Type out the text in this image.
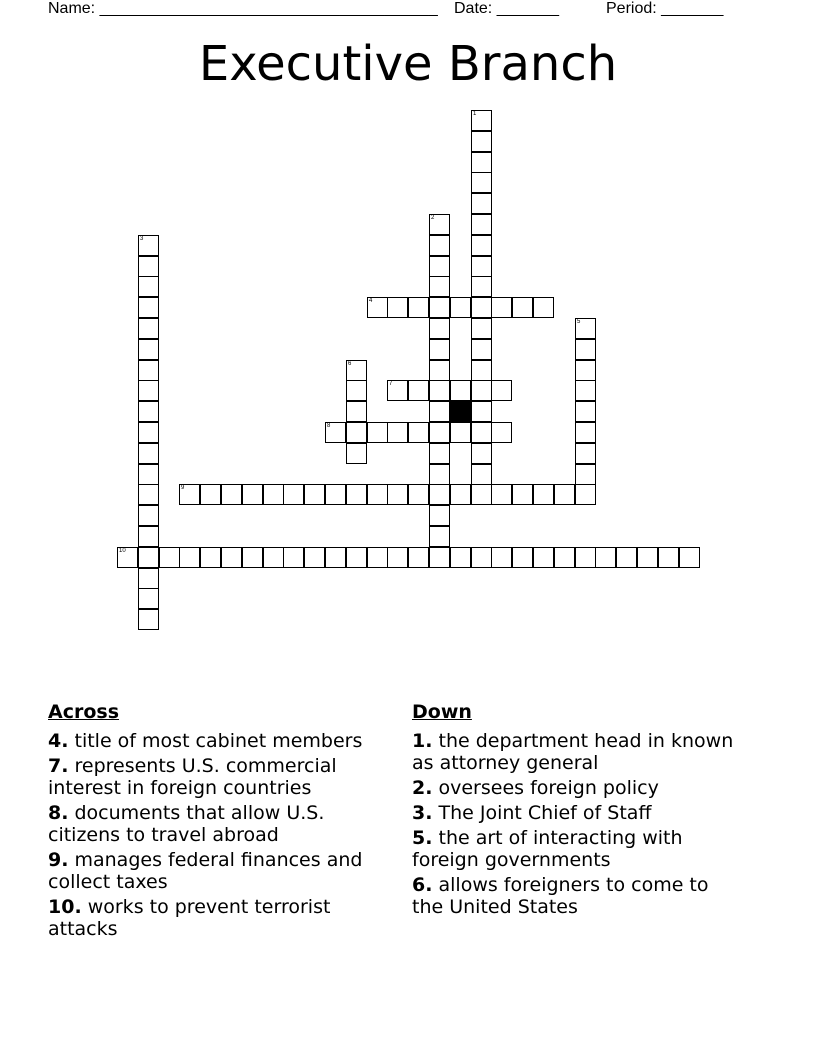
Name: ______________________________________ Date: _______	Period: _______
Executive Branch
1
2
3
4
5
6
7
8
9
10
Across
4. title of most cabinet members
7. represents U.S. commercial interest in foreign countries
8. documents that allow U.S. citizens to travel abroad
9. manages federal finances and collect taxes
10. works to prevent terrorist attacks
Down
1. the department head in known as attorney general
2. oversees foreign policy
3. The Joint Chief of Staff
5. the art of interacting with foreign governments
6. allows foreigners to come to the United States
